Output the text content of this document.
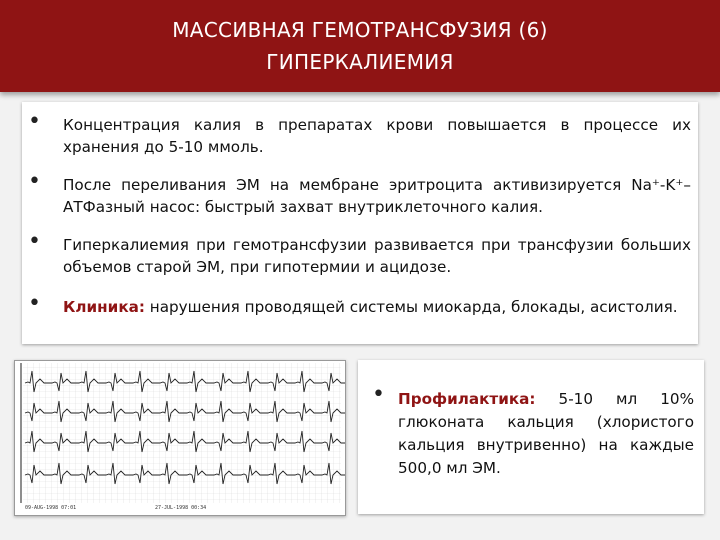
МАССИВНАЯ ГЕМОТРАНСФУЗИЯ (6)
ГИПЕРКАЛИЕМИЯ
• Концентрация калия в препаратах крови повышается в процессе их хранения до 5-10 ммоль.
• После переливания ЭМ на мембране эритроцита активизируется Na⁺-K⁺–АТФазный насос: быстрый захват внутриклеточного калия.
• Гиперкалиемия при гемотрансфузии развивается при трансфузии больших объемов старой ЭМ, при гипотермии и ацидозе.
• Клиника: нарушения проводящей системы миокарда, блокады, асистолия.
09-AUG-1998 07:01	27-JUL-1998 00:34
• Профилактика: 5-10 мл 10% глюконата кальция (хлористого кальция внутривенно) на каждые 500,0 мл ЭМ.
